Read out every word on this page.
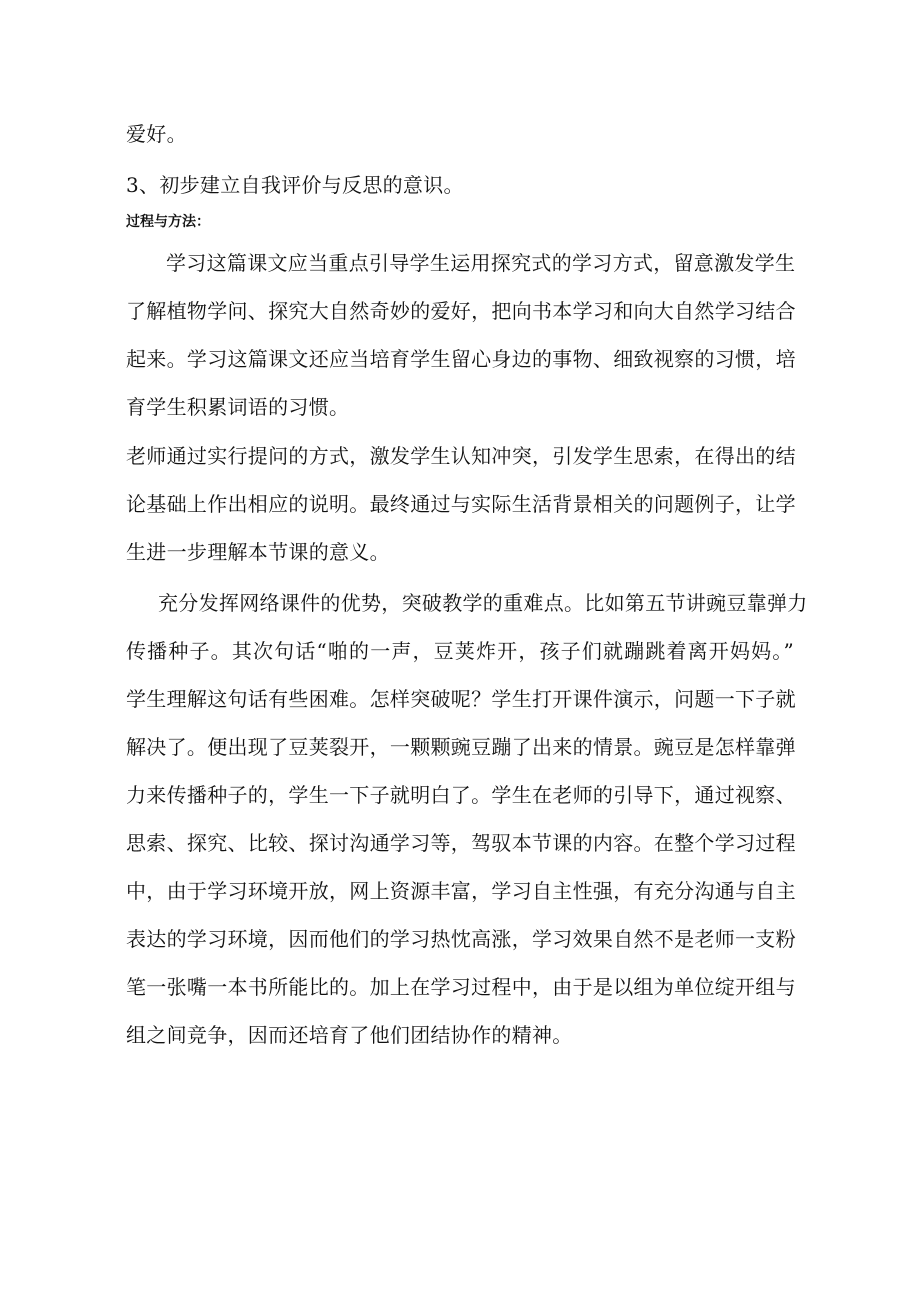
爱好。
3、初步建立自我评价与反思的意识。
过程与方法：
学习这篇课文应当重点引导学生运用探究式的学习方式，留意激发学生
了解植物学问、探究大自然奇妙的爱好，把向书本学习和向大自然学习结合
起来。学习这篇课文还应当培育学生留心身边的事物、细致视察的习惯，培
育学生积累词语的习惯。
老师通过实行提问的方式，激发学生认知冲突，引发学生思索，在得出的结
论基础上作出相应的说明。最终通过与实际生活背景相关的问题例子，让学
生进一步理解本节课的意义。
充分发挥网络课件的优势，突破教学的重难点。比如第五节讲豌豆靠弹力
传播种子。其次句话“啪的一声，豆荚炸开，孩子们就蹦跳着离开妈妈。”
学生理解这句话有些困难。怎样突破呢？学生打开课件演示，问题一下子就
解决了。便出现了豆荚裂开，一颗颗豌豆蹦了出来的情景。豌豆是怎样靠弹
力来传播种子的，学生一下子就明白了。学生在老师的引导下，通过视察、
思索、探究、比较、探讨沟通学习等，驾驭本节课的内容。在整个学习过程
中，由于学习环境开放，网上资源丰富，学习自主性强，有充分沟通与自主
表达的学习环境，因而他们的学习热忱高涨，学习效果自然不是老师一支粉
笔一张嘴一本书所能比的。加上在学习过程中，由于是以组为单位绽开组与
组之间竞争，因而还培育了他们团结协作的精神。
